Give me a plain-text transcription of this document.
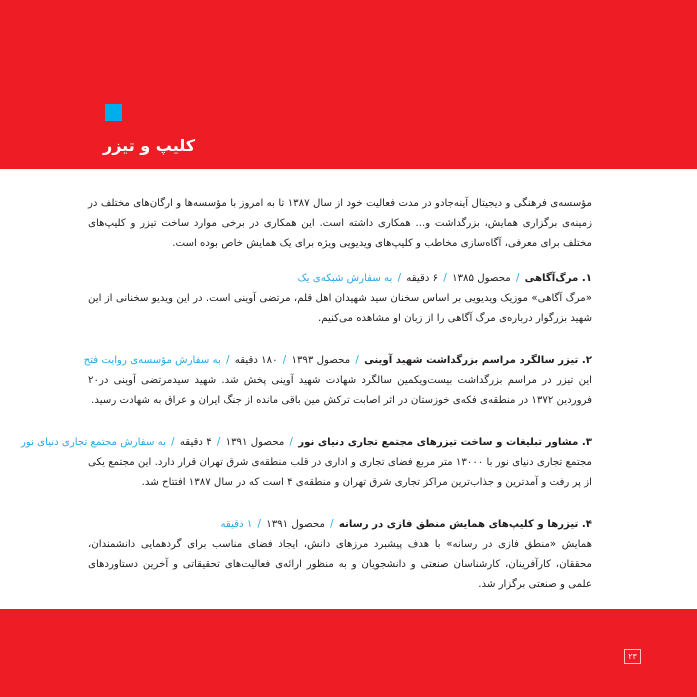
کلیپ و تیزر

مؤسسه‌ی فرهنگی و دیجیتال آینه‌جادو در مدت فعالیت خود از سال ۱۳۸۷ تا به امروز با مؤسسه‌ها و ارگان‌های مختلف در زمینه‌ی برگزاری همایش، بزرگداشت و... همکاری داشته است. این همکاری در برخی موارد ساخت تیزر و کلیپ‌های مختلف برای معرفی، آگاه‌سازی مخاطب و کلیپ‌های ویدیویی ویژه برای یک همایش خاص بوده است.

۱. مرگ‌آگاهی / محصول ۱۳۸۵ / ۶ دقیقه / به سفارش شبکه‌ی یک

«مرگ آگاهی» موزیک ویدیویی بر اساس سخنان سید شهیدان اهل قلم، مرتضی آوینی است. در این ویدیو سخنانی از این شهید بزرگوار درباره‌ی مرگ آگاهی را از زبان او مشاهده می‌کنیم.

۲. تیزر سالگرد مراسم بزرگداشت شهید آوینی / محصول ۱۳۹۳ / ۱۸۰ دقیقه / به سفارش مؤسسه‌ی روایت فتح

این تیزر در مراسم بزرگداشت بیست‌ویکمین سالگرد شهادت شهید آوینی پخش شد. شهید سیدمرتضی آوینی در۲۰ فروردین ۱۳۷۲ در منطقه‌ی فکه‌ی خوزستان در اثر اصابت ترکش مین باقی مانده از جنگ ایران و عراق به شهادت رسید.

۳. مشاور تبلیغات و ساخت تیزرهای مجتمع تجاری دنیای نور / محصول ۱۳۹۱ / ۴ دقیقه / به سفارش مجتمع تجاری دنیای نور

مجتمع تجاری دنیای نور با ۱۳۰۰۰ متر مربع فضای تجاری و اداری در قلب منطقه‌ی شرق تهران قرار دارد. این مجتمع یکی از پر رفت و آمدترین و جذاب‌ترین مراکز تجاری شرق تهران و منطقه‌ی ۴ است که در سال ۱۳۸۷ افتتاح شد.

۴. تیزرها و کلیپ‌های همایش منطق فازی در رسانه / محصول ۱۳۹۱ / ۱ دقیقه

همایش «منطق فازی در رسانه» با هدف پیشبرد مرزهای دانش، ایجاد فضای مناسب برای گردهمایی دانشمندان، محققان، کارآفرینان، کارشناسان صنعتی و دانشجویان و به منظور ارائه‌ی فعالیت‌های تحقیقاتی و آخرین دستاوردهای علمی و صنعتی برگزار شد.

۲۳
